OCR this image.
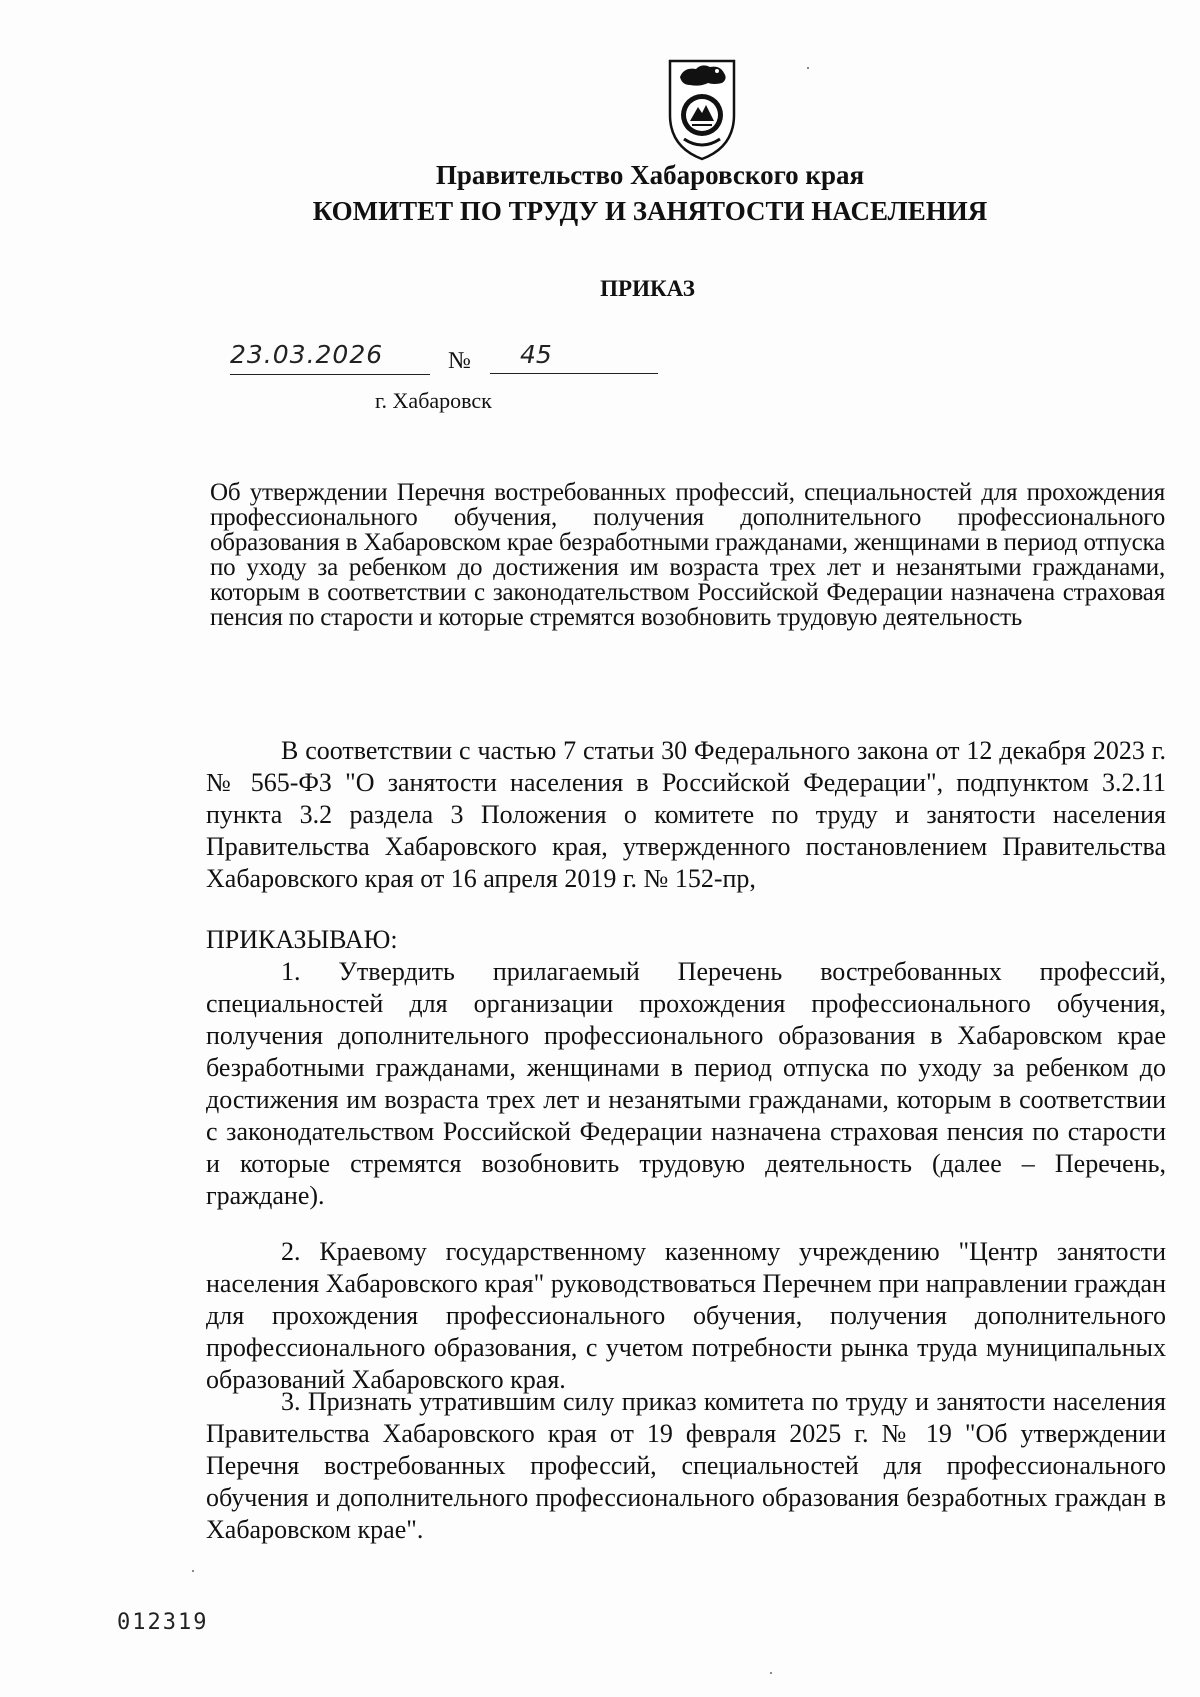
Правительство Хабаровского края
КОМИТЕТ ПО ТРУДУ И ЗАНЯТОСТИ НАСЕЛЕНИЯ
ПРИКАЗ
23.03.2026	№	45
г. Хабаровск
Об утверждении Перечня востребованных профессий, специальностей для прохождения профессионального обучения, получения дополнительного профессионального образования в Хабаровском крае безработными гражданами, женщинами в период отпуска по уходу за ребенком до достижения им возраста трех лет и незанятыми гражданами, которым в соответствии с законодательством Российской Федерации назначена страховая пенсия по старости и которые стремятся возобновить трудовую деятельность
В соответствии с частью 7 статьи 30 Федерального закона от 12 декабря 2023 г. № 565-ФЗ "О занятости населения в Российской Федерации", подпунктом 3.2.11 пункта 3.2 раздела 3 Положения о комитете по труду и занятости населения Правительства Хабаровского края, утвержденного постановлением Правительства Хабаровского края от 16 апреля 2019 г. № 152-пр,
ПРИКАЗЫВАЮ:
1. Утвердить прилагаемый Перечень востребованных профессий, специальностей для организации прохождения профессионального обучения, получения дополнительного профессионального образования в Хабаровском крае безработными гражданами, женщинами в период отпуска по уходу за ребенком до достижения им возраста трех лет и незанятыми гражданами, которым в соответствии с законодательством Российской Федерации назначена страховая пенсия по старости и которые стремятся возобновить трудовую деятельность (далее – Перечень, граждане).
2. Краевому государственному казенному учреждению "Центр занятости населения Хабаровского края" руководствоваться Перечнем при направлении граждан для прохождения профессионального обучения, получения дополнительного профессионального образования, с учетом потребности рынка труда муниципальных образований Хабаровского края.
3. Признать утратившим силу приказ комитета по труду и занятости населения Правительства Хабаровского края от 19 февраля 2025 г. № 19 "Об утверждении Перечня востребованных профессий, специальностей для профессионального обучения и дополнительного профессионального образования безработных граждан в Хабаровском крае".
012319
